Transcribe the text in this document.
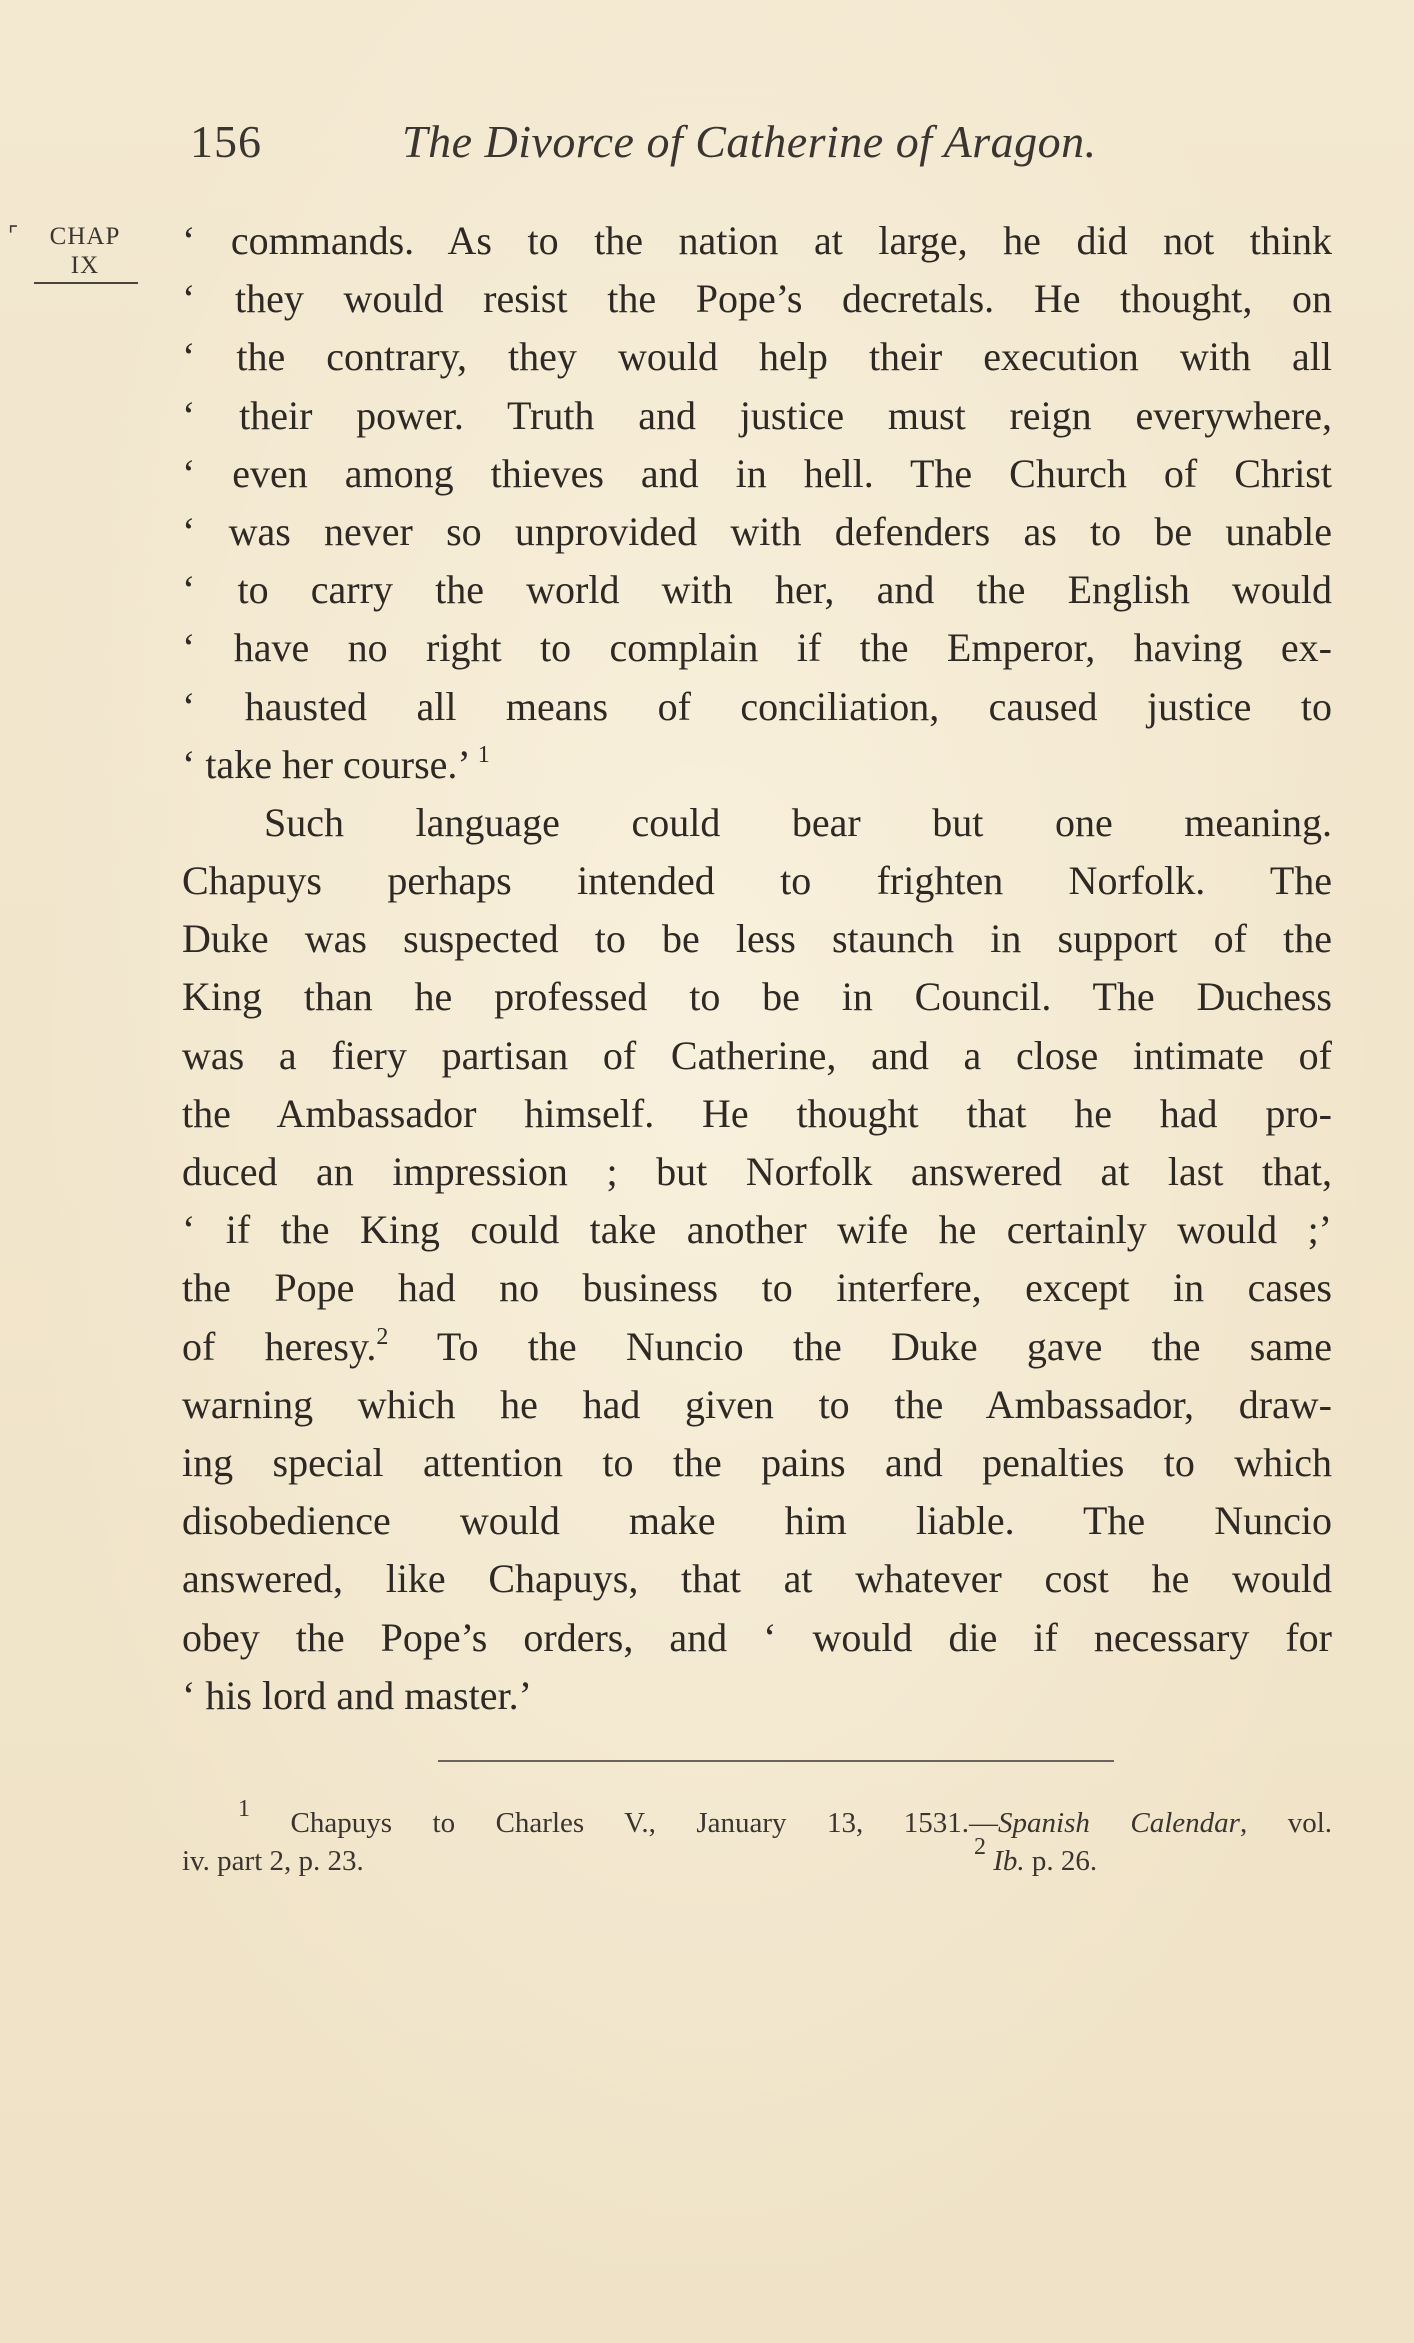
156	The Divorce of Catherine of Aragon.
⌜	CHAP
IX
‘ commands. As to the nation at large, he did not think
‘ they would resist the Pope’s decretals. He thought, on
‘ the contrary, they would help their execution with all
‘ their power. Truth and justice must reign everywhere,
‘ even among thieves and in hell. The Church of Christ
‘ was never so unprovided with defenders as to be unable
‘ to carry the world with her, and the English would
‘ have no right to complain if the Emperor, having ex-
‘ hausted all means of conciliation, caused justice to
‘ take her course.’ $^1$
Such language could bear but one meaning.
Chapuys perhaps intended to frighten Norfolk. The
Duke was suspected to be less staunch in support of the
King than he professed to be in Council. The Duchess
was a fiery partisan of Catherine, and a close intimate of
the Ambassador himself. He thought that he had pro-
duced an impression ; but Norfolk answered at last that,
‘ if the King could take another wife he certainly would ;’
the Pope had no business to interfere, except in cases
of heresy.$^2$ To the Nuncio the Duke gave the same
warning which he had given to the Ambassador, draw-
ing special attention to the pains and penalties to which
disobedience would make him liable. The Nuncio
answered, like Chapuys, that at whatever cost he would
obey the Pope’s orders, and ‘ would die if necessary for
‘ his lord and master.’
$^1$ Chapuys to Charles V., January 13, 1531.—Spanish Calendar, vol.
iv. part 2, p. 23.	$^2$ Ib. p. 26.
